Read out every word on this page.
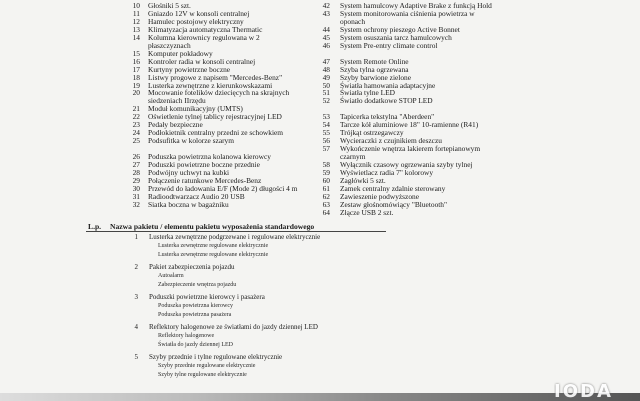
10 Głośniki 5 szt.
11 Gniazdo 12V w konsoli centralnej
12 Hamulec postojowy elektryczny
13 Klimatyzacja automatyczna Thermatic
14 Kolumna kierownicy regulowana w 2
płaszczyznach
15 Komputer pokładowy
16 Kontroler radia w konsoli centralnej
17 Kurtyny powietrzne boczne
18 Listwy progowe z napisem "Mercedes-Benz"
19 Lusterka zewnętrzne z kierunkowskazami
20 Mocowanie fotelików dziecięcych na skrajnych
siedzeniach IIrzędu
21 Moduł komunikacyjny (UMTS)
22 Oświetlenie tylnej tablicy rejestracyjnej LED
23 Pedały bezpieczne
24 Podłokietnik centralny przedni ze schowkiem
25 Podsufitka w kolorze szarym
26 Poduszka powietrzna kolanowa kierowcy
27 Poduszki powietrzne boczne przednie
28 Podwójny uchwyt na kubki
29 Połączenie ratunkowe Mercedes-Benz
30 Przewód do ładowania E/F (Mode 2) długości 4 m
31 Radioodtwarzacz Audio 20 USB
32 Siatka boczna w bagażniku
42 System hamulcowy Adaptive Brake z funkcją Hold
43 System monitorowania ciśnienia powietrza w
oponach
44 System ochrony pieszego Active Bonnet
45 System osuszania tarcz hamulcowych
46 System Pre-entry climate control
47 System Remote Online
48 Szyba tylna ogrzewana
49 Szyby barwione zielone
50 Światła hamowania adaptacyjne
51 Światła tylne LED
52 Światło dodatkowe STOP LED
53 Tapicerka tekstylna "Aberdeen"
54 Tarcze kół aluminiowe 18" 10-ramienne (R41)
55 Trójkąt ostrzegawczy
56 Wycieraczki z czujnikiem deszczu
57 Wykończenie wnętrza lakierem fortepianowym
czarnym
58 Wyłącznik czasowy ogrzewania szyby tylnej
59 Wyświetlacz radia 7" kolorowy
60 Zagłówki 5 szt.
61 Zamek centralny zdalnie sterowany
62 Zawieszenie podwyższone
63 Zestaw głośnomówiący "Bluetooth"
64 Złącze USB 2 szt.
L.p. Nazwa pakietu / elementu pakietu wyposażenia standardowego
1 Lusterka zewnętrzne podgrzewane i regulowane elektrycznie
Lusterka zewnętrzne regulowane elektrycznie
Lusterka zewnętrzne regulowane elektrycznie
2 Pakiet zabezpieczenia pojazdu
Autoalarm
Zabezpieczenie wnętrza pojazdu
3 Poduszki powietrzne kierowcy i pasażera
Poduszka powietrzna kierowcy
Poduszka powietrzna pasażera
4 Reflektory halogenowe ze światłami do jazdy dziennej LED
Reflektory halogenowe
Światła do jazdy dziennej LED
5 Szyby przednie i tylne regulowane elektrycznie
Szyby przednie regulowane elektrycznie
Szyby tylne regulowane elektrycznie
IODA
